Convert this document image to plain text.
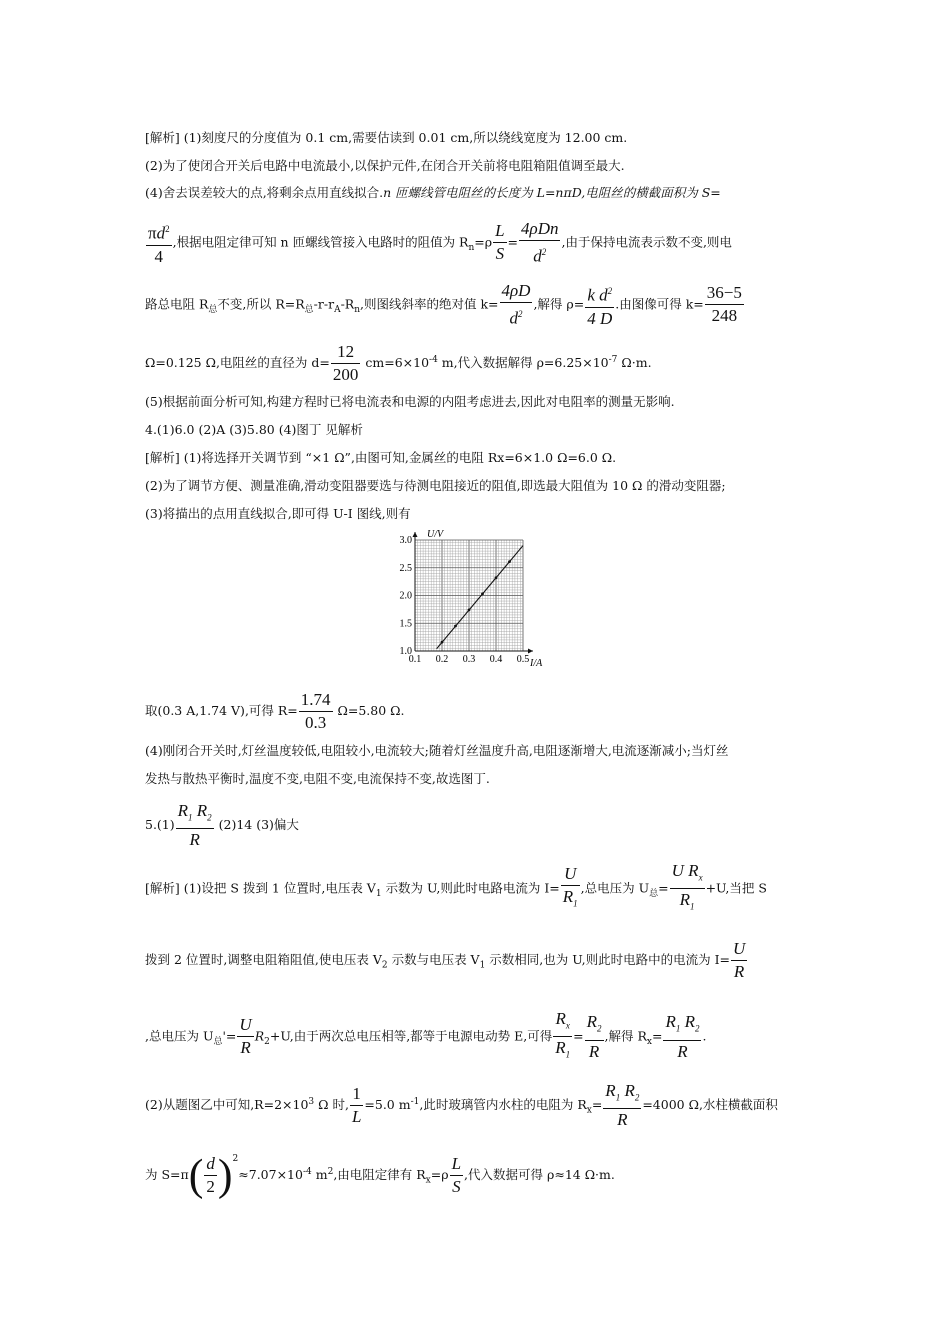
[解析] (1)刻度尺的分度值为 0.1 cm,需要估读到 0.01 cm,所以绕线宽度为 12.00 cm.
(2)为了使闭合开关后电路中电流最小,以保护元件,在闭合开关前将电阻箱阻值调至最大.
(4)舍去误差较大的点,将剩余点用直线拟合.n 匝螺线管电阻丝的长度为 L=nπD,电阻丝的横截面积为 S=
$\frac{\pi d^2}{4}$ ,根据电阻定律可知 n 匝螺线管接入电路时的阻值为 $R_n=\rho \frac{L}{S} = \frac{\text{4ρDn}}{d^2}$ ,由于保持电流表示数不变,则电
路总电阻 $R_总$不变,所以 $R=R_总-r-r_A-R_n$,则图线斜率的绝对值 $k= \frac{4\rho D}{d^2}$ ,解得 $\rho= \frac{k d^2}{4 D}$ .由图像可得 $k= \frac{36-5}{248}$
Ω=0.125 Ω,电阻丝的直径为 $d= \frac{12}{200} cm=6\times 10^{-4}$ m,代入数据解得 $\rho=6.25\times 10^{-7}$ Ω·m.
(5)根据前面分析可知,构建方程时已将电流表和电源的内阻考虑进去,因此对电阻率的测量无影响.
4.(1)6.0 (2)A (3)5.80 (4)图丁 见解析
[解析] (1)将选择开关调节到 “×1 Ω”,由图可知,金属丝的电阻 Rx=6×1.0 Ω=6.0 Ω.
(2)为了调节方便、测量准确,滑动变阻器要选与待测电阻接近的阻值,即选最大阻值为 10 Ω 的滑动变阻器;
(3)将描出的点用直线拟合,即可得 U-I 图线,则有
0.1 0.2 0.3 0.4 0.5
3.0
2.5
2.0
1.5
1.0
U/V
I/A
取(0.3 A,1.74 V),可得 $R= \frac{1.74}{0.3} \Omega=5.80$ Ω.
(4)刚闭合开关时,灯丝温度较低,电阻较小,电流较大;随着灯丝温度升高,电阻逐渐增大,电流逐渐减小;当灯丝
发热与散热平衡时,温度不变,电阻不变,电流保持不变,故选图丁.
$5.(1) \frac{R_1 R_2}{R} (2)14$ (3)偏大
[解析] (1)设把 S 拨到 1 位置时,电压表 $V_1$ 示数为 U,则此时电路电流为 $I= \frac{U}{R_1}$ ,总电压为 $U_总= \frac{U R_x}{R_1} +U$,当把 S
拨到 2 位置时,调整电阻箱阻值,使电压表 $V_2$ 示数与电压表 $V_1$ 示数相同,也为 U,则此时电路中的电流为 $I= \frac{U}{R}$
,总电压为 $U_总'= \frac{U}{R} R_2+U$,由于两次总电压相等,都等于电源电动势 E,可得 $\frac{R_x}{R_1} = \frac{R_2}{R}$ ,解得 $R_x= \frac{R_1 R_2}{R}$ .
(2)从题图乙中可知$,R=2\times 10^3$ Ω 时, $\frac{1}{L} =5.0$ $m^{-1}$,此时玻璃管内水柱的电阻为 $R_x= \frac{R_1 R_2}{R} =4000$ Ω,水柱横截面积
为 $S=\pi( \frac{d}{2} )^2\approx 7.07\times 10^{-4}$ $m^2$,由电阻定律有 $R_x=\rho \frac{L}{S}$ ,代入数据可得 ρ≈14 Ω·m.
